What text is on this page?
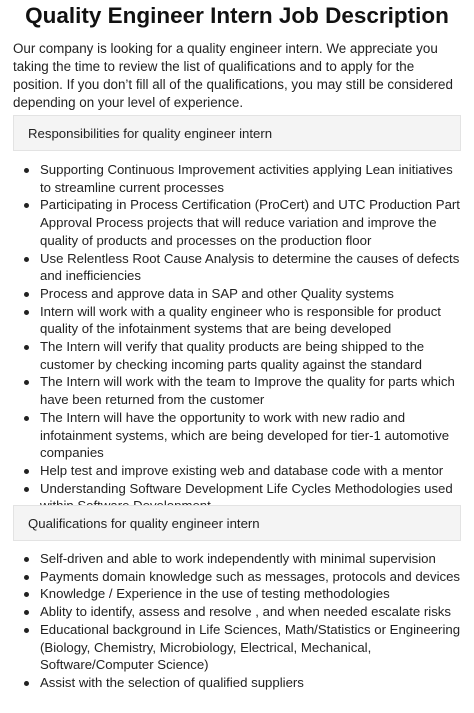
Quality Engineer Intern Job Description

Our company is looking for a quality engineer intern. We appreciate you taking the time to review the list of qualifications and to apply for the position. If you don’t fill all of the qualifications, you may still be considered depending on your level of experience.

Responsibilities for quality engineer intern
Supporting Continuous Improvement activities applying Lean initiatives to streamline current processes
Participating in Process Certification (ProCert) and UTC Production Part Approval Process projects that will reduce variation and improve the quality of products and processes on the production floor
Use Relentless Root Cause Analysis to determine the causes of defects and inefficiencies
Process and approve data in SAP and other Quality systems
Intern will work with a quality engineer who is responsible for product quality of the infotainment systems that are being developed
The Intern will verify that quality products are being shipped to the customer by checking incoming parts quality against the standard
The Intern will work with the team to Improve the quality for parts which have been returned from the customer
The Intern will have the opportunity to work with new radio and infotainment systems, which are being developed for tier-1 automotive companies
Help test and improve existing web and database code with a mentor
Understanding Software Development Life Cycles Methodologies used
Qualifications for quality engineer intern
Self-driven and able to work independently with minimal supervision
Payments domain knowledge such as messages, protocols and devices
Knowledge / Experience in the use of testing methodologies
Ablity to identify, assess and resolve , and when needed escalate risks
Educational background in Life Sciences, Math/Statistics or Engineering (Biology, Chemistry, Microbiology, Electrical, Mechanical, Software/Computer Science)
Assist with the selection of qualified suppliers
